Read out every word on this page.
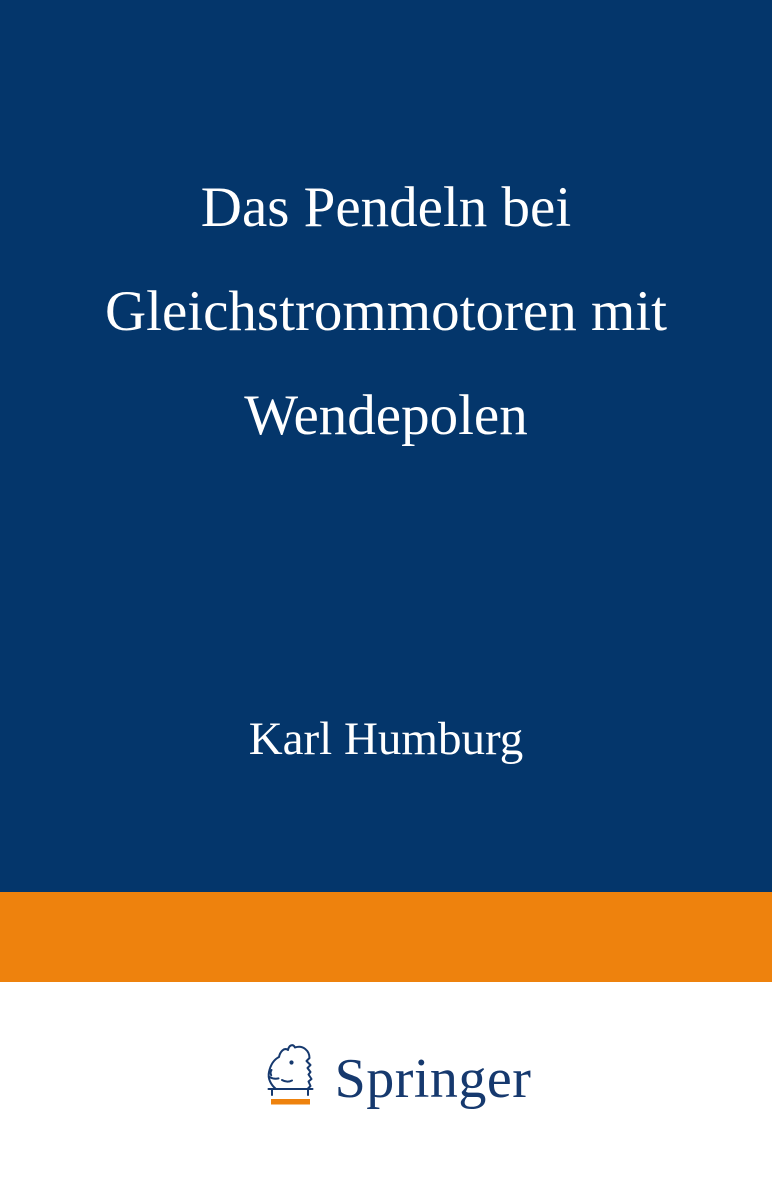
Das Pendeln bei
Gleichstrommotoren mit
Wendepolen
Karl Humburg
Springer
